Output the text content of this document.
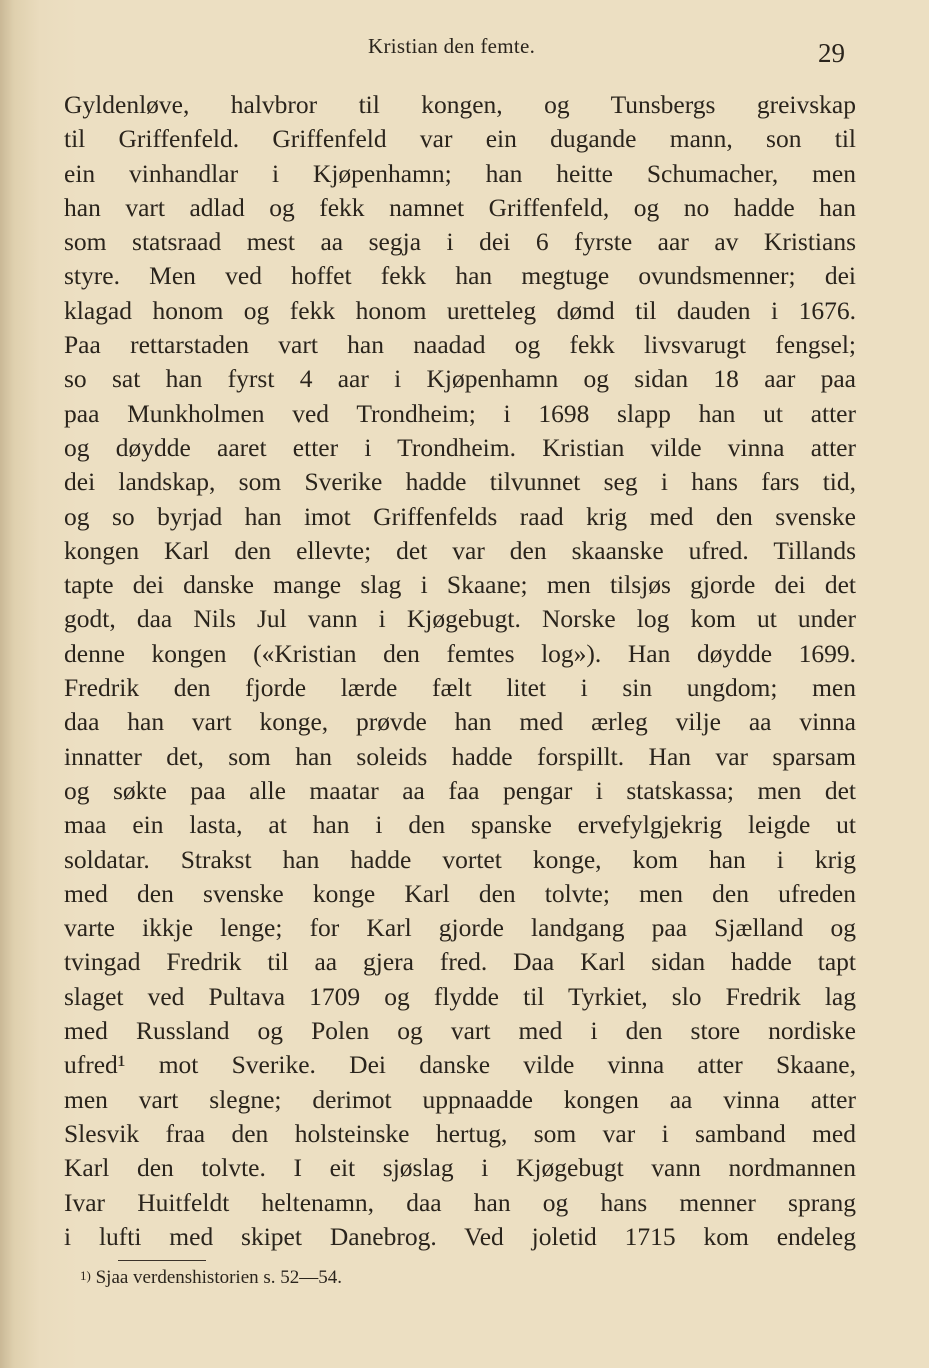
Kristian den femte.	29
Gyldenløve, halvbror til kongen, og Tunsbergs greivskap
til Griffenfeld. Griffenfeld var ein dugande mann, son til
ein vinhandlar i Kjøpenhamn; han heitte Schumacher, men
han vart adlad og fekk namnet Griffenfeld, og no hadde han
som statsraad mest aa segja i dei 6 fyrste aar av Kristians
styre. Men ved hoffet fekk han megtuge ovundsmenner; dei
klagad honom og fekk honom uretteleg dømd til dauden i 1676.
Paa rettarstaden vart han naadad og fekk livsvarugt fengsel;
so sat han fyrst 4 aar i Kjøpenhamn og sidan 18 aar paa
paa Munkholmen ved Trondheim; i 1698 slapp han ut atter
og døydde aaret etter i Trondheim. Kristian vilde vinna atter
dei landskap, som Sverike hadde tilvunnet seg i hans fars tid,
og so byrjad han imot Griffenfelds raad krig med den svenske
kongen Karl den ellevte; det var den skaanske ufred. Tillands
tapte dei danske mange slag i Skaane; men tilsjøs gjorde dei det
godt, daa Nils Jul vann i Kjøgebugt. Norske log kom ut under
denne kongen («Kristian den femtes log»). Han døydde 1699.
Fredrik den fjorde lærde fælt litet i sin ungdom; men
daa han vart konge, prøvde han med ærleg vilje aa vinna
innatter det, som han soleids hadde forspillt. Han var sparsam
og søkte paa alle maatar aa faa pengar i statskassa; men det
maa ein lasta, at han i den spanske ervefylgjekrig leigde ut
soldatar. Strakst han hadde vortet konge, kom han i krig
med den svenske konge Karl den tolvte; men den ufreden
varte ikkje lenge; for Karl gjorde landgang paa Sjælland og
tvingad Fredrik til aa gjera fred. Daa Karl sidan hadde tapt
slaget ved Pultava 1709 og flydde til Tyrkiet, slo Fredrik lag
med Russland og Polen og vart med i den store nordiske
ufred¹ mot Sverike. Dei danske vilde vinna atter Skaane,
men vart slegne; derimot uppnaadde kongen aa vinna atter
Slesvik fraa den holsteinske hertug, som var i samband med
Karl den tolvte. I eit sjøslag i Kjøgebugt vann nordmannen
Ivar Huitfeldt heltenamn, daa han og hans menner sprang
i lufti med skipet Danebrog. Ved joletid 1715 kom endeleg
$^{1)}$ Sjaa verdenshistorien s. 52—54.
